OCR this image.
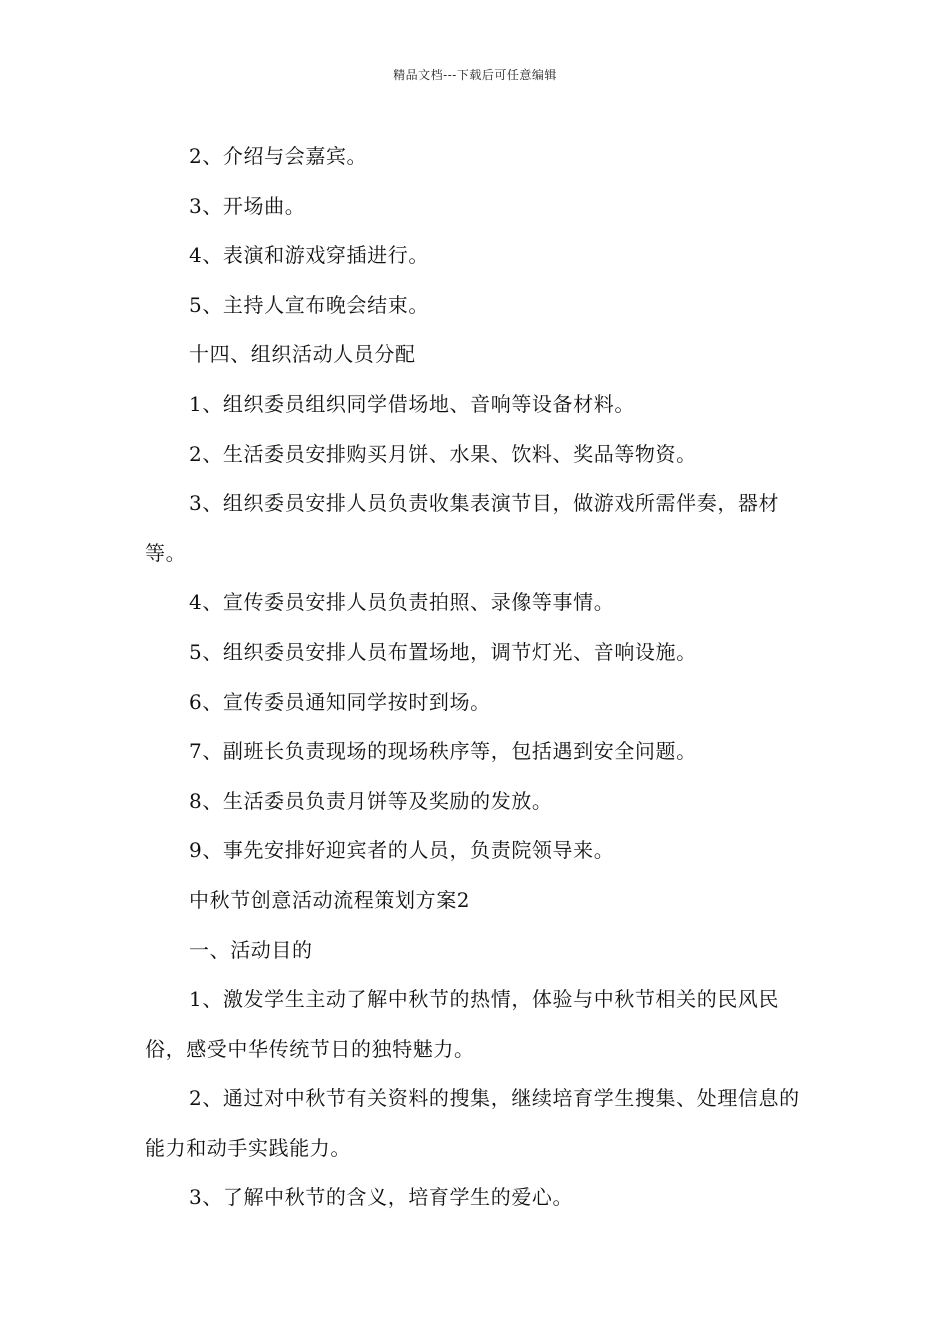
精品文档---下载后可任意编辑

2、介绍与会嘉宾。

3、开场曲。

4、表演和游戏穿插进行。

5、主持人宣布晚会结束。

十四、组织活动人员分配

1、组织委员组织同学借场地、音响等设备材料。

2、生活委员安排购买月饼、水果、饮料、奖品等物资。

3、组织委员安排人员负责收集表演节目，做游戏所需伴奏，器材等。

4、宣传委员安排人员负责拍照、录像等事情。

5、组织委员安排人员布置场地，调节灯光、音响设施。

6、宣传委员通知同学按时到场。

7、副班长负责现场的现场秩序等，包括遇到安全问题。

8、生活委员负责月饼等及奖励的发放。

9、事先安排好迎宾者的人员，负责院领导来。

中秋节创意活动流程策划方案2

一、活动目的

1、激发学生主动了解中秋节的热情，体验与中秋节相关的民风民俗，感受中华传统节日的独特魅力。

2、通过对中秋节有关资料的搜集，继续培育学生搜集、处理信息的能力和动手实践能力。

3、了解中秋节的含义，培育学生的爱心。
